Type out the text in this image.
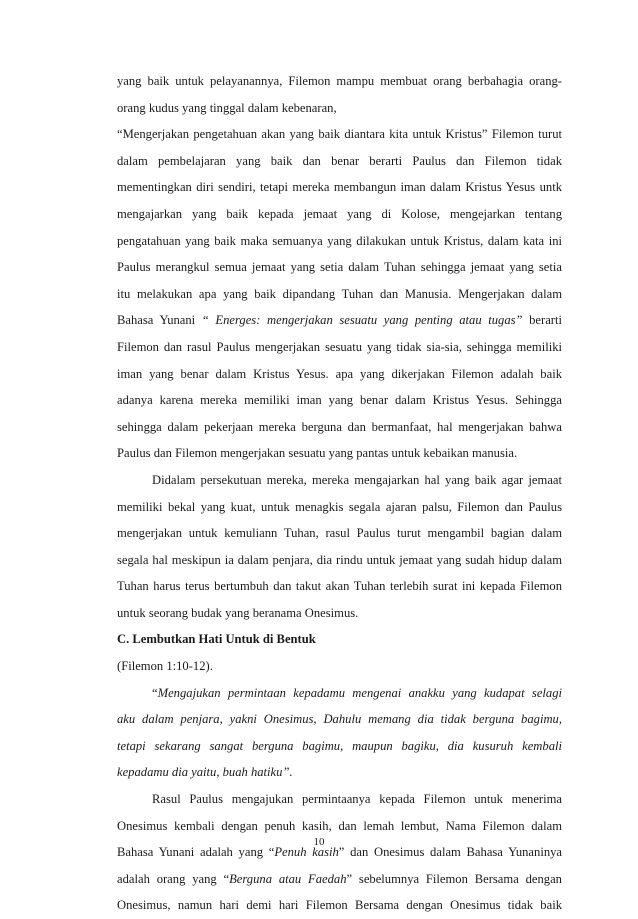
yang baik untuk pelayanannya, Filemon mampu membuat orang berbahagia orang-
orang kudus yang tinggal dalam kebenaran,
“Mengerjakan pengetahuan akan yang baik diantara kita untuk Kristus” Filemon turut
dalam pembelajaran yang baik dan benar berarti Paulus dan Filemon tidak
mementingkan diri sendiri, tetapi mereka membangun iman dalam Kristus Yesus untk
mengajarkan yang baik kepada jemaat yang di Kolose, mengejarkan tentang
pengatahuan yang baik maka semuanya yang dilakukan untuk Kristus, dalam kata ini
Paulus merangkul semua jemaat yang setia dalam Tuhan sehingga jemaat yang setia
itu melakukan apa yang baik dipandang Tuhan dan Manusia. Mengerjakan dalam
Bahasa Yunani “ Energes: mengerjakan sesuatu yang penting atau tugas” berarti
Filemon dan rasul Paulus mengerjakan sesuatu yang tidak sia-sia, sehingga memiliki
iman yang benar dalam Kristus Yesus. apa yang dikerjakan Filemon adalah baik
adanya karena mereka memiliki iman yang benar dalam Kristus Yesus. Sehingga
sehingga dalam pekerjaan mereka berguna dan bermanfaat, hal mengerjakan bahwa
Paulus dan Filemon mengerjakan sesuatu yang pantas untuk kebaikan manusia.
Didalam persekutuan mereka, mereka mengajarkan hal yang baik agar jemaat
memiliki bekal yang kuat, untuk menagkis segala ajaran palsu, Filemon dan Paulus
mengerjakan untuk kemuliann Tuhan, rasul Paulus turut mengambil bagian dalam
segala hal meskipun ia dalam penjara, dia rindu untuk jemaat yang sudah hidup dalam
Tuhan harus terus bertumbuh dan takut akan Tuhan terlebih surat ini kepada Filemon
untuk seorang budak yang beranama Onesimus.
C. Lembutkan Hati Untuk di Bentuk
(Filemon 1:10-12).
“Mengajukan permintaan kepadamu mengenai anakku yang kudapat selagi
aku dalam penjara, yakni Onesimus, Dahulu memang dia tidak berguna bagimu,
tetapi sekarang sangat berguna bagimu, maupun bagiku, dia kusuruh kembali
kepadamu dia yaitu, buah hatiku”.
Rasul Paulus mengajukan permintaanya kepada Filemon untuk menerima
Onesimus kembali dengan penuh kasih, dan lemah lembut, Nama Filemon dalam
Bahasa Yunani adalah yang “Penuh kasih” dan Onesimus dalam Bahasa Yunaninya
adalah orang yang “Berguna atau Faedah” sebelumnya Filemon Bersama dengan
Onesimus, namun hari demi hari Filemon Bersama dengan Onesimus tidak baik
10
